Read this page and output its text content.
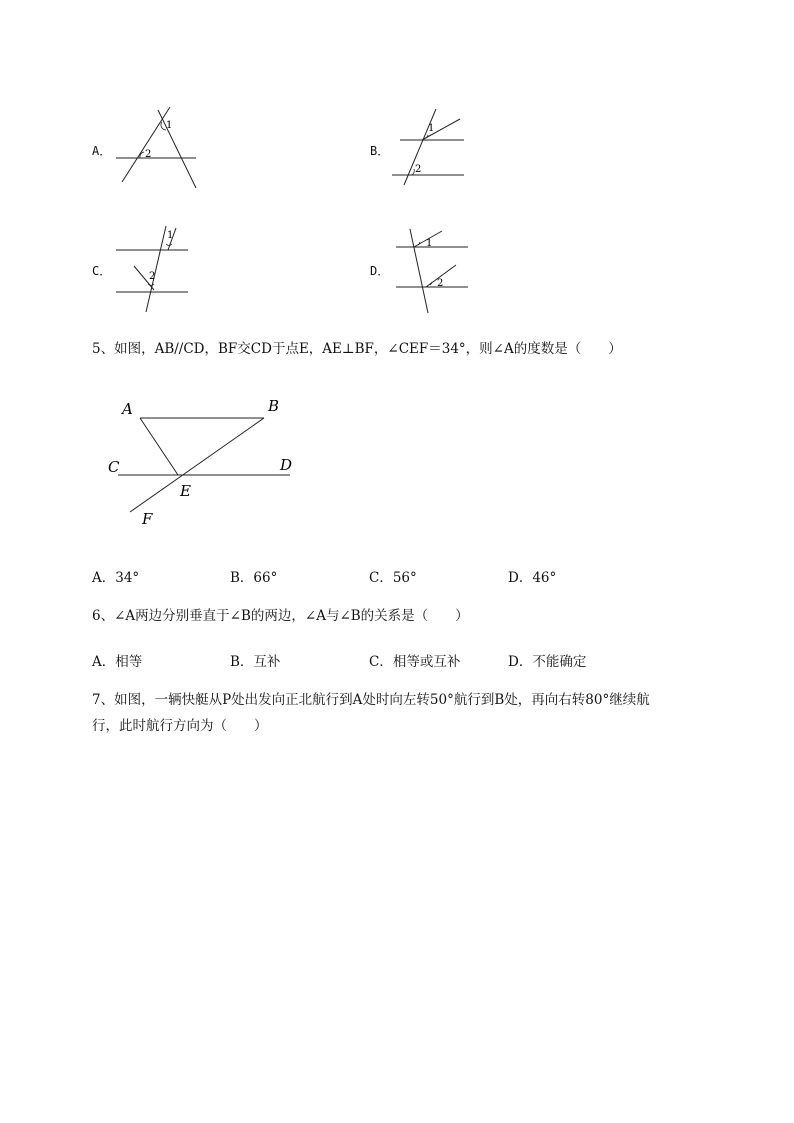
A．
1
2	B．
1
2
C．
1
2	D．
1
2
5、如图，AB//CD，BF交CD于点E，AE⊥BF，∠CEF＝34°，则∠A的度数是（　　）
A	B
C	D
E
F
A．34°	B．66°	C．56°	D．46°
6、∠A两边分别垂直于∠B的两边，∠A与∠B的关系是（　　）
A．相等	B．互补	C．相等或互补	D．不能确定
7、如图，一辆快艇从P处出发向正北航行到A处时向左转50°航行到B处，再向右转80°继续航
行，此时航行方向为（　　）
